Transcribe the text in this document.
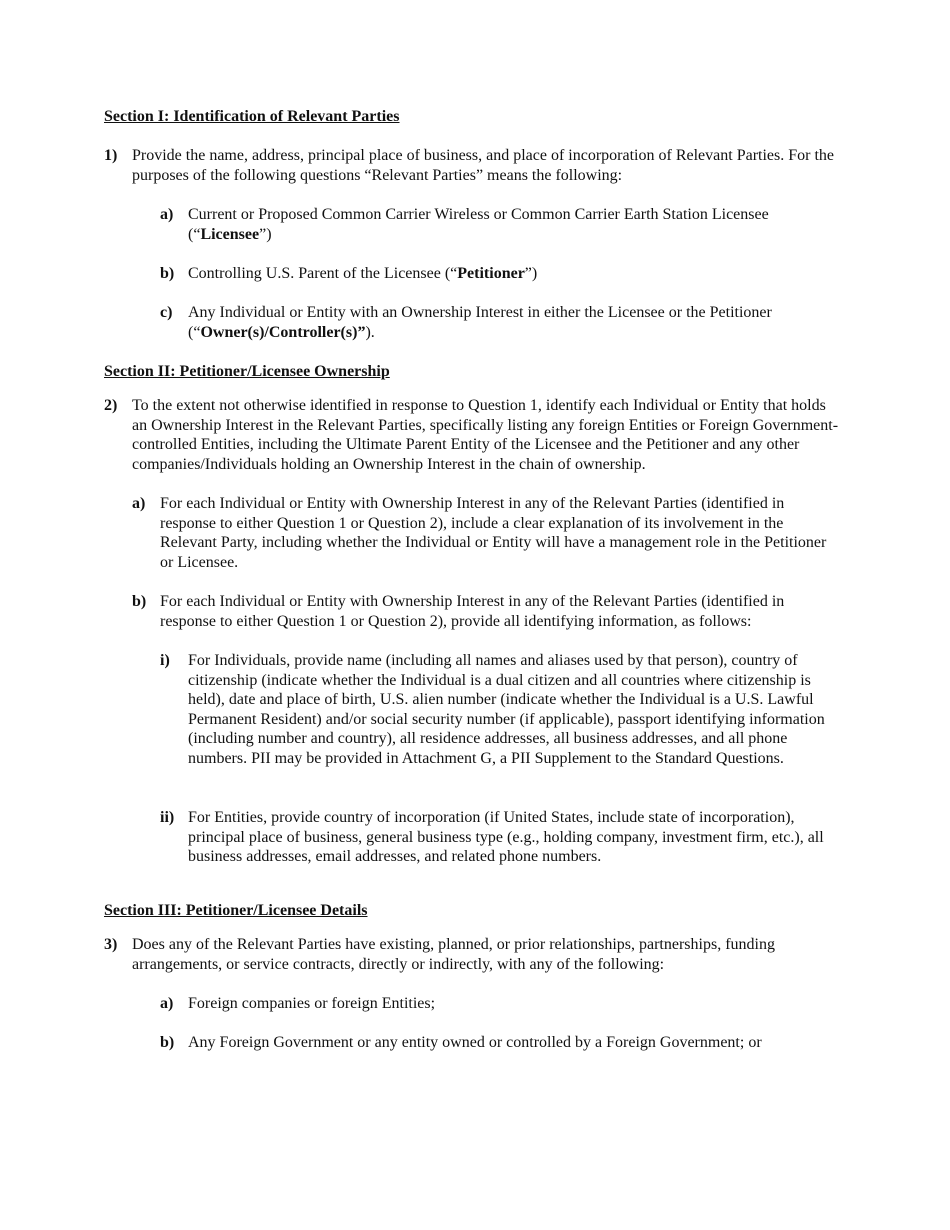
Section I: Identification of Relevant Parties
1) Provide the name, address, principal place of business, and place of incorporation of Relevant Parties. For the purposes of the following questions “Relevant Parties” means the following:

a) Current or Proposed Common Carrier Wireless or Common Carrier Earth Station Licensee (“Licensee”)

b) Controlling U.S. Parent of the Licensee (“Petitioner”)

c) Any Individual or Entity with an Ownership Interest in either the Licensee or the Petitioner (“Owner(s)/Controller(s)”).

Section II: Petitioner/Licensee Ownership
2) To the extent not otherwise identified in response to Question 1, identify each Individual or Entity that holds an Ownership Interest in the Relevant Parties, specifically listing any foreign Entities or Foreign Government-controlled Entities, including the Ultimate Parent Entity of the Licensee and the Petitioner and any other companies/Individuals holding an Ownership Interest in the chain of ownership.

a) For each Individual or Entity with Ownership Interest in any of the Relevant Parties (identified in response to either Question 1 or Question 2), include a clear explanation of its involvement in the Relevant Party, including whether the Individual or Entity will have a management role in the Petitioner or Licensee.

b) For each Individual or Entity with Ownership Interest in any of the Relevant Parties (identified in response to either Question 1 or Question 2), provide all identifying information, as follows:

i) For Individuals, provide name (including all names and aliases used by that person), country of citizenship (indicate whether the Individual is a dual citizen and all countries where citizenship is held), date and place of birth, U.S. alien number (indicate whether the Individual is a U.S. Lawful Permanent Resident) and/or social security number (if applicable), passport identifying information (including number and country), all residence addresses, all business addresses, and all phone numbers. PII may be provided in Attachment G, a PII Supplement to the Standard Questions.

ii) For Entities, provide country of incorporation (if United States, include state of incorporation), principal place of business, general business type (e.g., holding company, investment firm, etc.), all business addresses, email addresses, and related phone numbers.

Section III: Petitioner/Licensee Details
3) Does any of the Relevant Parties have existing, planned, or prior relationships, partnerships, funding arrangements, or service contracts, directly or indirectly, with any of the following:

a) Foreign companies or foreign Entities;

b) Any Foreign Government or any entity owned or controlled by a Foreign Government; or
